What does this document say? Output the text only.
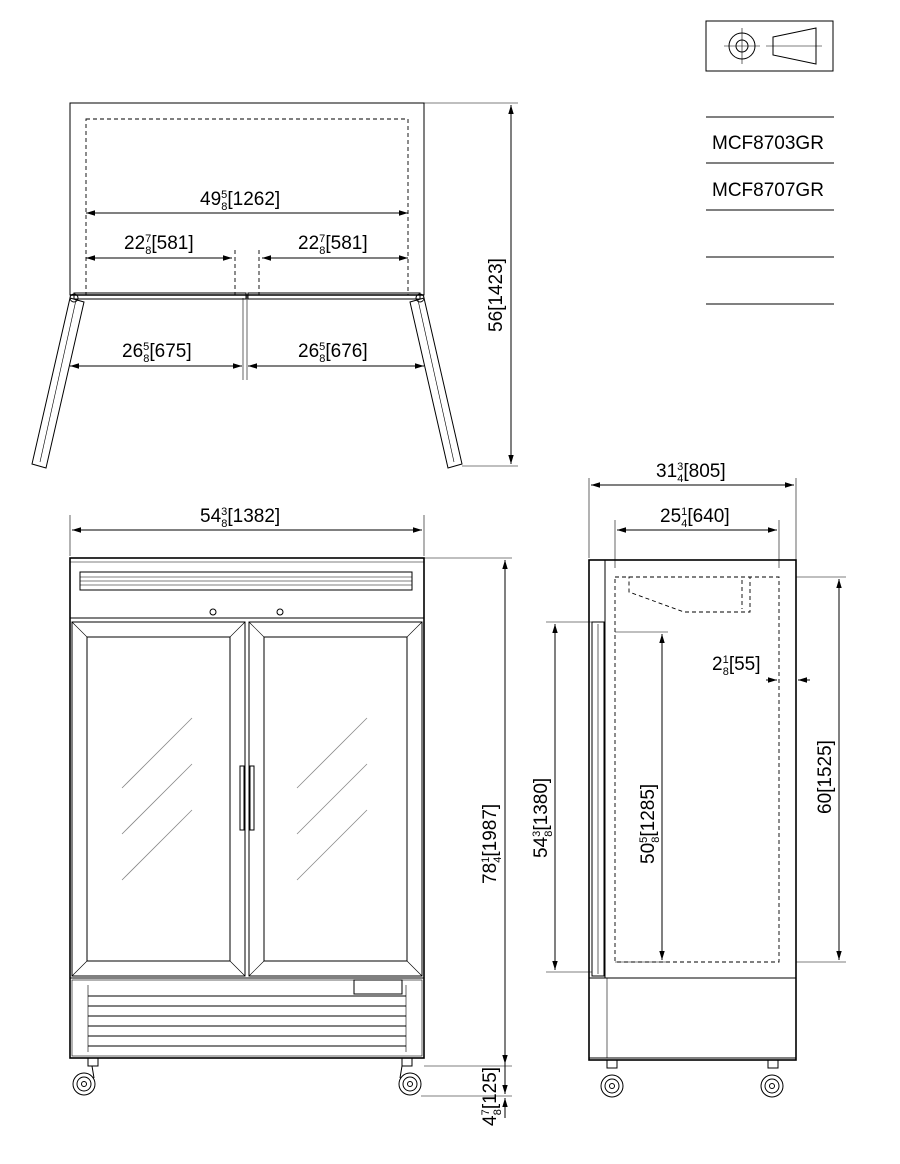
MCF8703GR
MCF8707GR
$49^5$ 8[1262]
$22^7$ 8[581]	$22^7$ 8[581]
$26^5$ 8[675]	$26^5$ 8[676]
56[1423]
$54^3$ 8[1382]
$78^14[1987]$
$4^78[125]$
$31^3$ 4[805]
$25^1$ 4[640]
$2^1$ 8[55]
$54^38[1380]$
$50^58[1285]$	60[1525]
